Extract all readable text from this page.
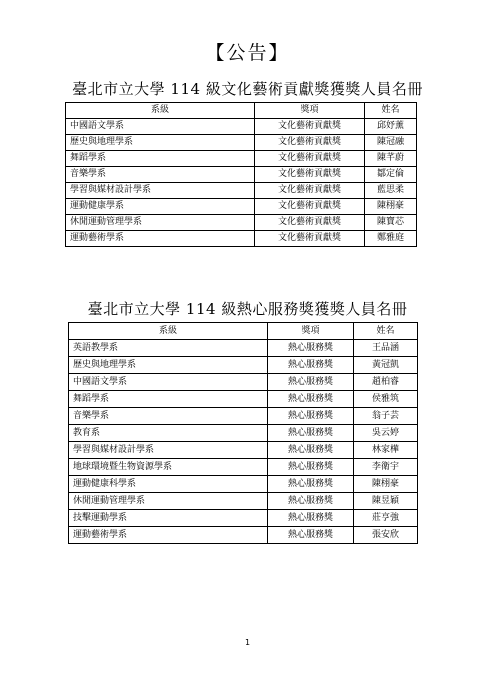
【公告】
臺北市立大學 114 級文化藝術貢獻獎獲獎人員名冊
系級	獎項	姓名
中國語文學系	文化藝術貢獻獎	邱妤薰
歷史與地理學系	文化藝術貢獻獎	陳冠融
舞蹈學系	文化藝術貢獻獎	陳芊蔚
音樂學系	文化藝術貢獻獎	鄒定倫
學習與媒材設計學系	文化藝術貢獻獎	藍思柔
運動健康學系	文化藝術貢獻獎	陳栩豪
休閒運動管理學系	文化藝術貢獻獎	陳寶芯
運動藝術學系	文化藝術貢獻獎	鄭雅庭
臺北市立大學 114 級熱心服務獎獲獎人員名冊
系級	獎項	姓名
英語教學系	熱心服務獎	王品涵
歷史與地理學系	熱心服務獎	黃冠凱
中國語文學系	熱心服務獎	趙柏睿
舞蹈學系	熱心服務獎	侯雅筑
音樂學系	熱心服務獎	翁子芸
教育系	熱心服務獎	吳云婷
學習與媒材設計學系	熱心服務獎	林家樺
地球環境暨生物資源學系	熱心服務獎	李衛宇
運動健康科學系	熱心服務獎	陳栩豪
休閒運動管理學系	熱心服務獎	陳昱穎
技擊運動學系	熱心服務獎	莊亨強
運動藝術學系	熱心服務獎	張安欣
1
